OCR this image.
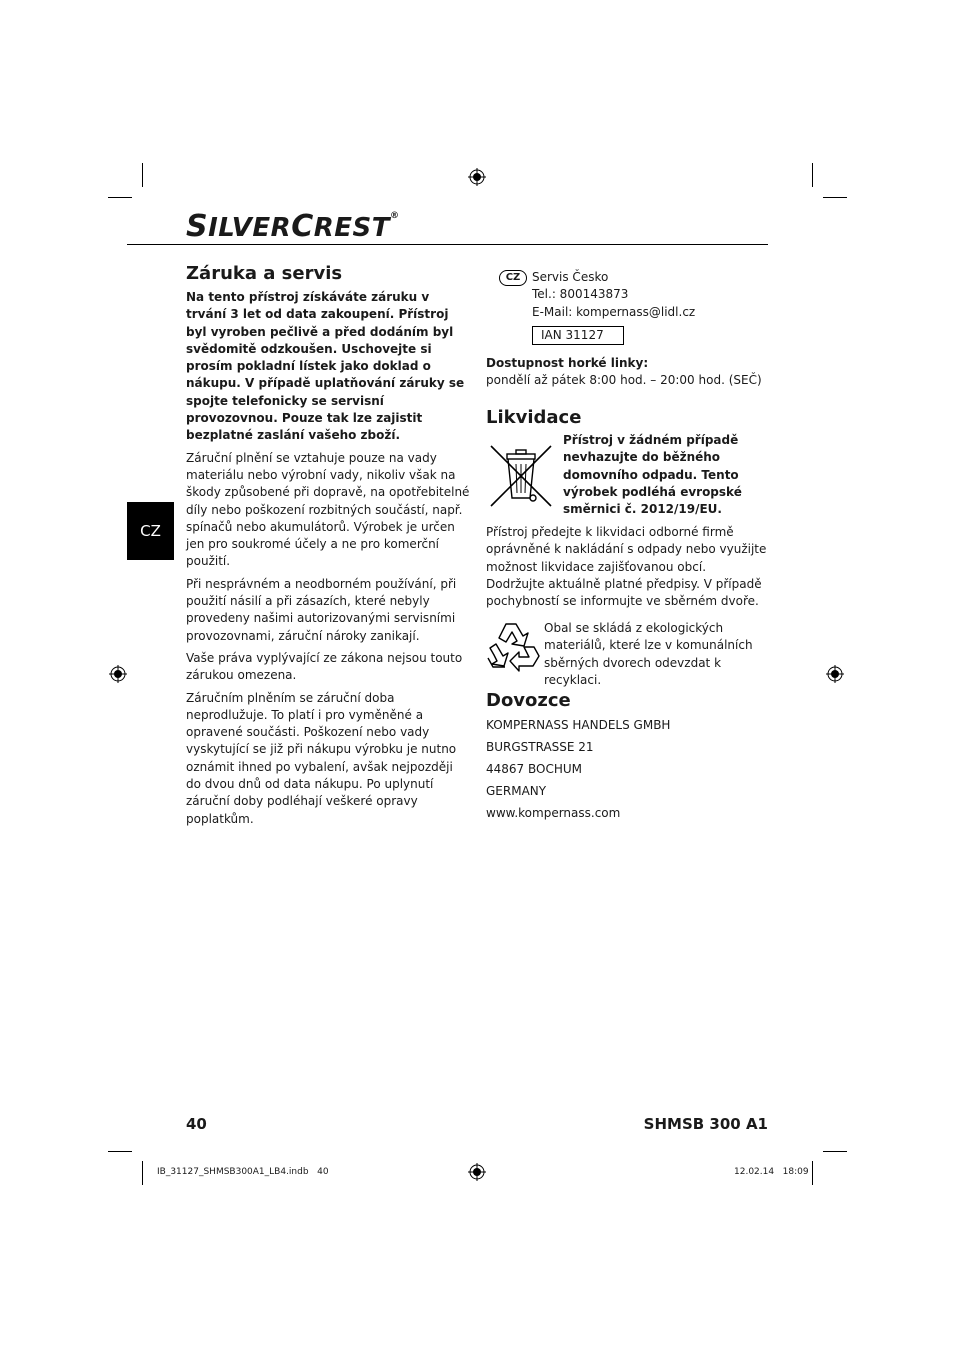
SILVERCREST®
CZ
Záruka a servis

Na tento přístroj získáváte záruku v trvání 3 let od data zakoupení. Přístroj byl vyroben pečlivě a před dodáním byl svědomitě odzkoušen. Uschovejte si prosím pokladní lístek jako doklad o nákupu. V případě uplatňování záruky se spojte telefonicky se servisní provozovnou. Pouze tak lze zajistit bezplatné zaslání vašeho zboží.

Záruční plnění se vztahuje pouze na vady materiálu nebo výrobní vady, nikoliv však na škody způsobené při dopravě, na opotřebitelné díly nebo poškození rozbitných součástí, např. spínačů nebo akumulátorů. Výrobek je určen jen pro soukromé účely a ne pro komerční použití.

Při nesprávném a neodborném používání, při použití násilí a při zásazích, které nebyly provedeny našimi autorizovanými servisními provozovnami, záruční nároky zanikají.

Vaše práva vyplývající ze zákona nejsou touto zárukou omezena.

Záručním plněním se záruční doba neprodlužuje. To platí i pro vyměněné a opravené součásti. Poškození nebo vady vyskytující se již při nákupu výrobku je nutno oznámit ihned po vybalení, avšak nejpozději do dvou dnů od data nákupu. Po uplynutí záruční doby podléhají veškeré opravy poplatkům.

CZ Servis Česko
Tel.: 800143873
E-Mail: kompernass@lidl.cz
IAN 31127
Dostupnost horké linky:
pondělí až pátek 8:00 hod. – 20:00 hod. (SEČ)
Likvidace
Přístroj v žádném případě nevhazujte do běžného domovního odpadu. Tento výrobek podléhá evropské směrnici č. 2012/19/EU.
Přístroj předejte k likvidaci odborné firmě oprávněné k nakládání s odpady nebo využijte možnost likvidace zajišťovanou obcí. Dodržujte aktuálně platné předpisy. V případě pochybností se informujte ve sběrném dvoře.
Obal se skládá z ekologických materiálů, které lze v komunálních sběrných dvorech odevzdat k recyklaci.
Dovozce
KOMPERNASS HANDELS GMBH
BURGSTRASSE 21
44867 BOCHUM
GERMANY
www.kompernass.com
40	SHMSB 300 A1
IB_31127_SHMSB300A1_LB4.indb   40	12.02.14   18:09
